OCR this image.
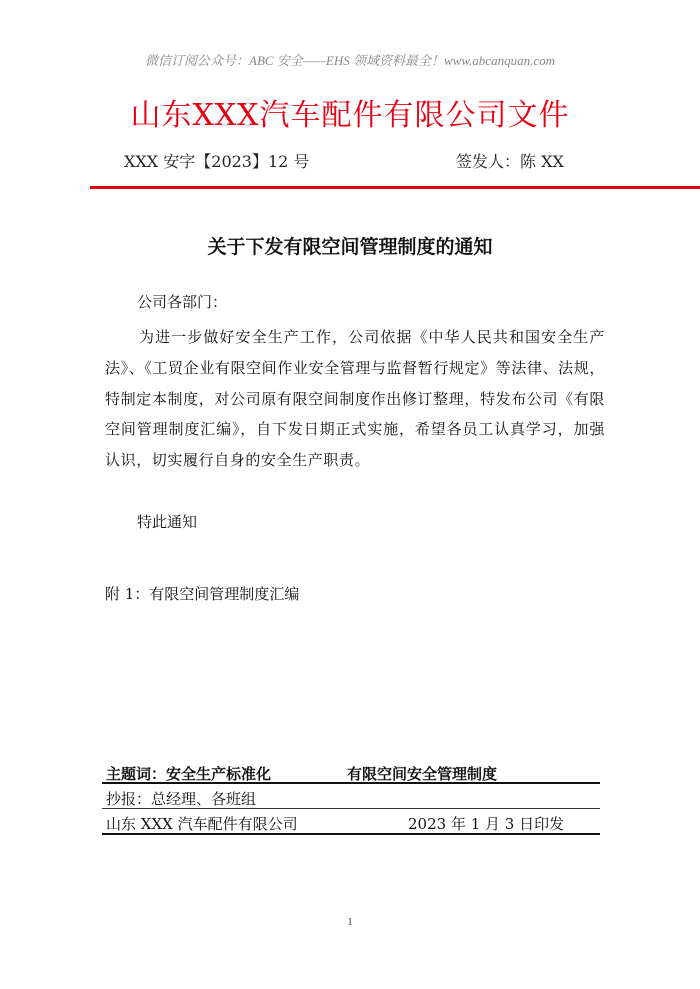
微信订阅公众号：ABC 安全——EHS 领域资料最全！www.abcanquan.com
山东XXX汽车配件有限公司文件
XXX 安字【2023】12 号	签发人：陈 XX
关于下发有限空间管理制度的通知
公司各部门：
为进一步做好安全生产工作，公司依据《中华人民共和国安全生产法》、《工贸企业有限空间作业安全管理与监督暂行规定》等法律、法规，特制定本制度，对公司原有限空间制度作出修订整理，特发布公司《有限空间管理制度汇编》，自下发日期正式实施，希望各员工认真学习，加强认识，切实履行自身的安全生产职责。
特此通知
附 1：有限空间管理制度汇编
主题词：安全生产标准化	有限空间安全管理制度
抄报：总经理、各班组
山东 XXX 汽车配件有限公司	2023 年 1 月 3 日印发
1
